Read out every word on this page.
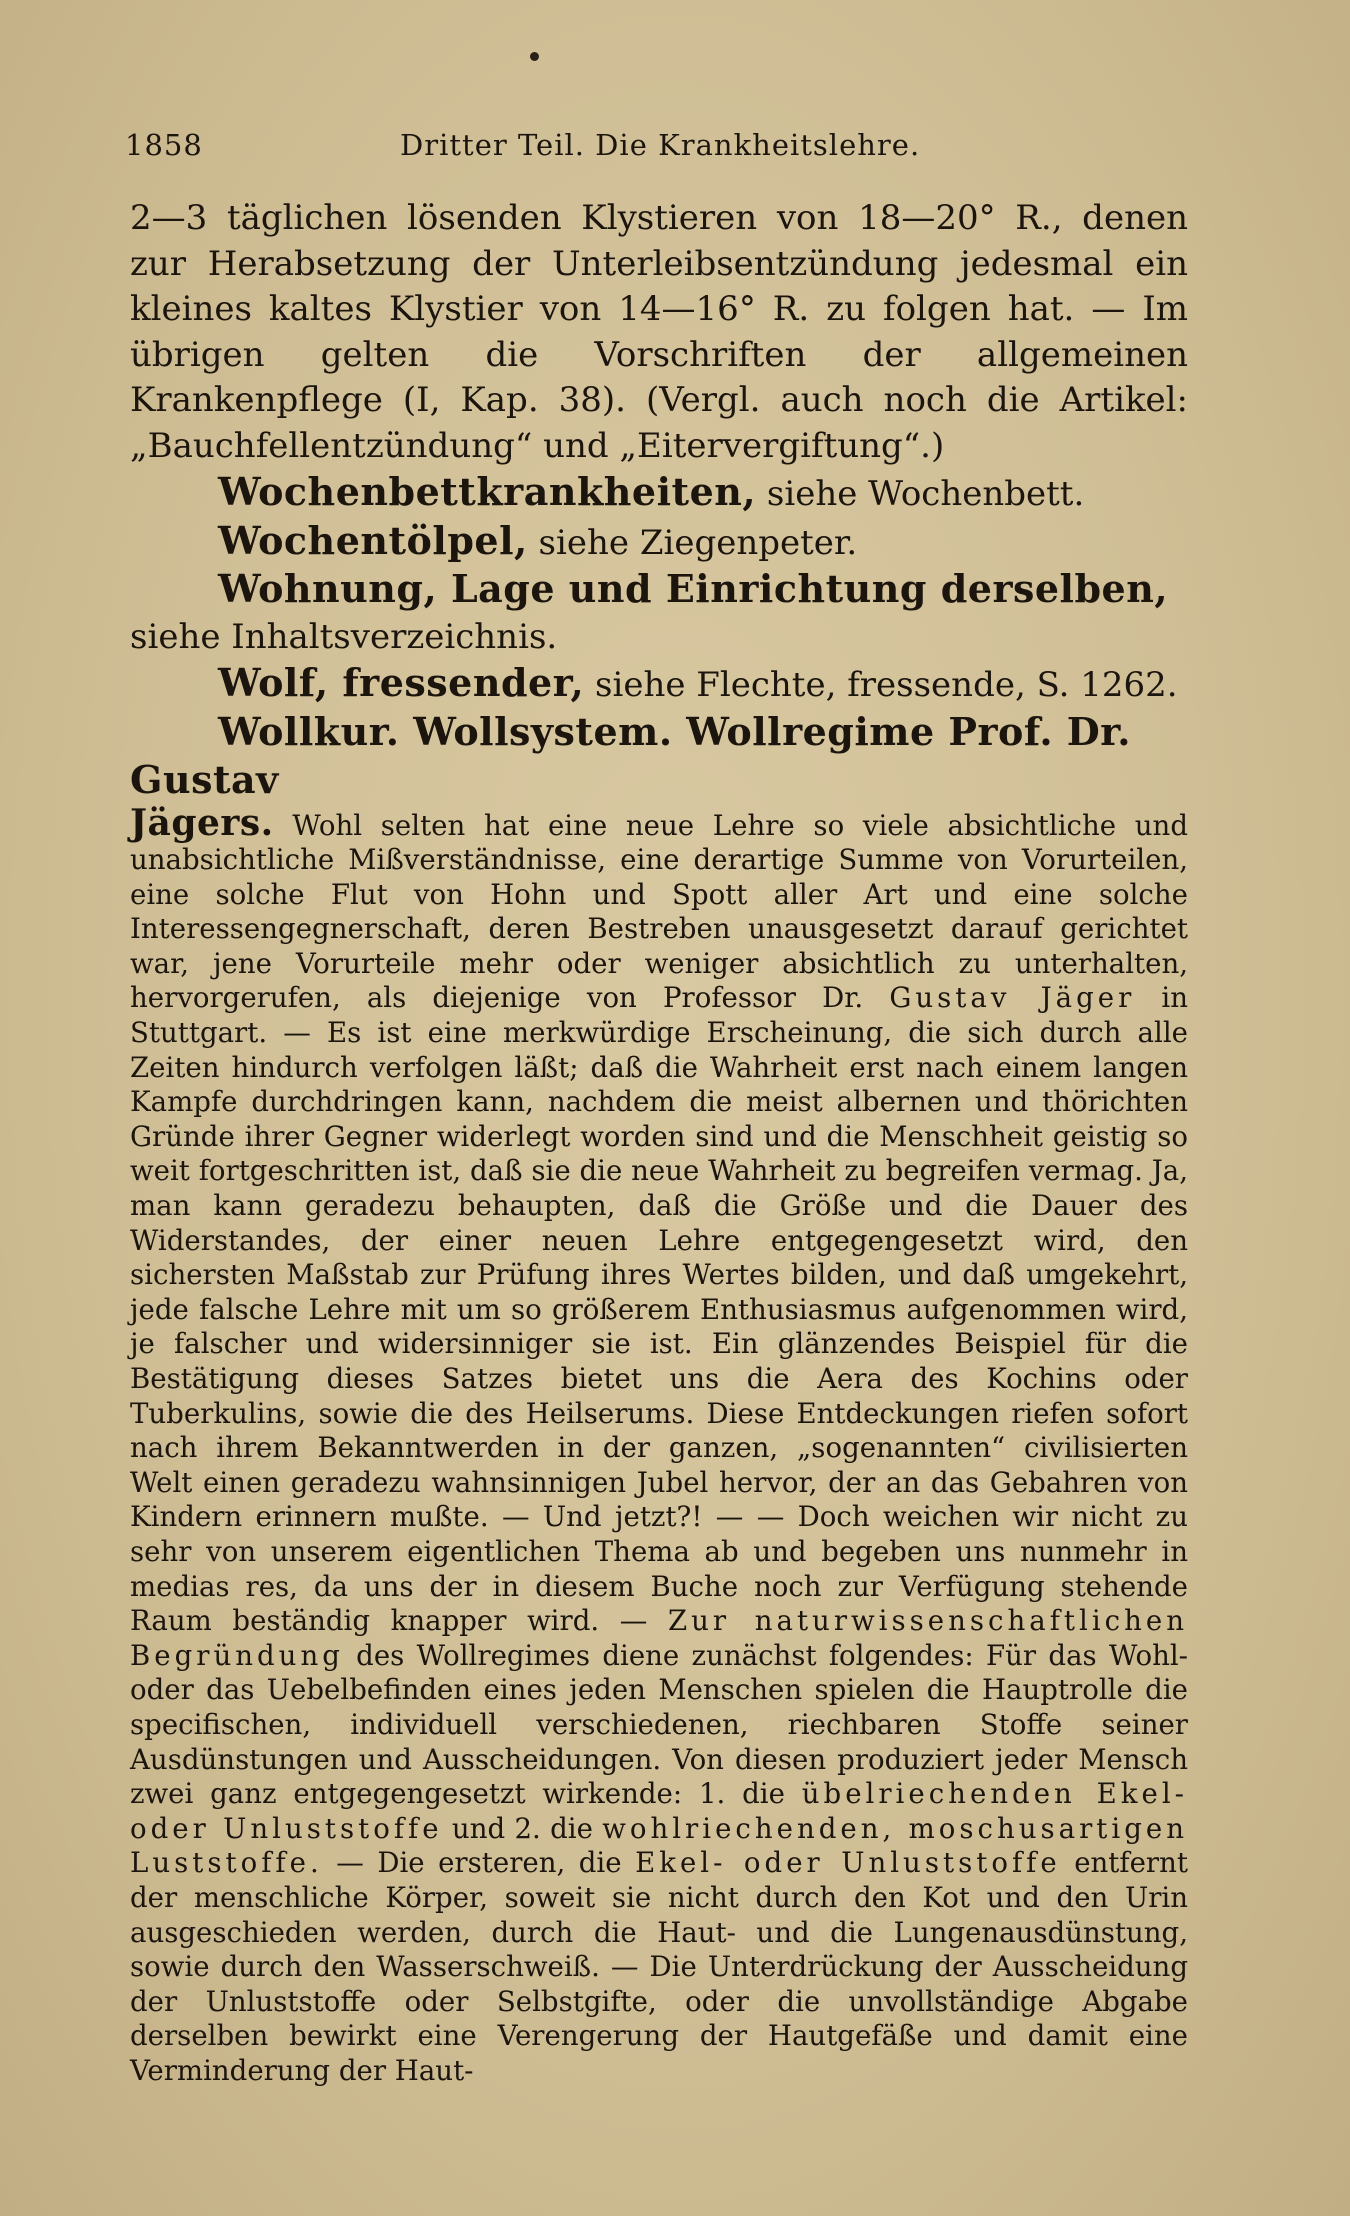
1858	Dritter Teil. Die Krankheitslehre.

2—3 täglichen lösenden Klystieren von 18—20° R., denen zur Herabsetzung der Unterleibsentzündung jedesmal ein kleines kaltes Klystier von 14—16° R. zu folgen hat. — Im übrigen gelten die Vorschriften der allgemeinen Krankenpflege (I, Kap. 38). (Vergl. auch noch die Artikel: „Bauchfellentzündung“ und „Eitervergiftung“.)

Wochenbettkrankheiten, siehe Wochenbett.

Wochentölpel, siehe Ziegenpeter.

Wohnung, Lage und Einrichtung derselben, siehe Inhaltsverzeichnis.

Wolf, fressender, siehe Flechte, fressende, S. 1262.

Wollkur. Wollsystem. Wollregime Prof. Dr. Gustav

Jägers. Wohl selten hat eine neue Lehre so viele absichtliche und unabsichtliche Mißverständnisse, eine derartige Summe von Vorurteilen, eine solche Flut von Hohn und Spott aller Art und eine solche Interessengegnerschaft, deren Bestreben unausgesetzt darauf gerichtet war, jene Vorurteile mehr oder weniger absichtlich zu unterhalten, hervorgerufen, als diejenige von Professor Dr. Gustav Jäger in Stuttgart. — Es ist eine merkwürdige Erscheinung, die sich durch alle Zeiten hindurch verfolgen läßt; daß die Wahrheit erst nach einem langen Kampfe durchdringen kann, nachdem die meist albernen und thörichten Gründe ihrer Gegner widerlegt worden sind und die Menschheit geistig so weit fortgeschritten ist, daß sie die neue Wahrheit zu begreifen vermag. Ja, man kann geradezu behaupten, daß die Größe und die Dauer des Widerstandes, der einer neuen Lehre entgegengesetzt wird, den sichersten Maßstab zur Prüfung ihres Wertes bilden, und daß umgekehrt, jede falsche Lehre mit um so größerem Enthusiasmus aufgenommen wird, je falscher und widersinniger sie ist. Ein glänzendes Beispiel für die Bestätigung dieses Satzes bietet uns die Aera des Kochins oder Tuberkulins, sowie die des Heilserums. Diese Entdeckungen riefen sofort nach ihrem Bekanntwerden in der ganzen, „sogenannten“ civilisierten Welt einen geradezu wahnsinnigen Jubel hervor, der an das Gebahren von Kindern erinnern mußte. — Und jetzt?! — — Doch weichen wir nicht zu sehr von unserem eigentlichen Thema ab und begeben uns nunmehr in medias res, da uns der in diesem Buche noch zur Verfügung stehende Raum beständig knapper wird. — Zur naturwissenschaftlichen Begründung des Wollregimes diene zunächst folgendes: Für das Wohl- oder das Uebelbefinden eines jeden Menschen spielen die Hauptrolle die specifischen, individuell verschiedenen, riechbaren Stoffe seiner Ausdünstungen und Ausscheidungen. Von diesen produziert jeder Mensch zwei ganz entgegengesetzt wirkende: 1. die übelriechenden Ekel- oder Unluststoffe und 2. die wohlriechenden, moschusartigen Luststoffe. — Die ersteren, die Ekel- oder Unluststoffe entfernt der menschliche Körper, soweit sie nicht durch den Kot und den Urin ausgeschieden werden, durch die Haut- und die Lungenausdünstung, sowie durch den Wasserschweiß. — Die Unterdrückung der Ausscheidung der Unluststoffe oder Selbstgifte, oder die unvollständige Abgabe derselben bewirkt eine Verengerung der Hautgefäße und damit eine Verminderung der Haut-
